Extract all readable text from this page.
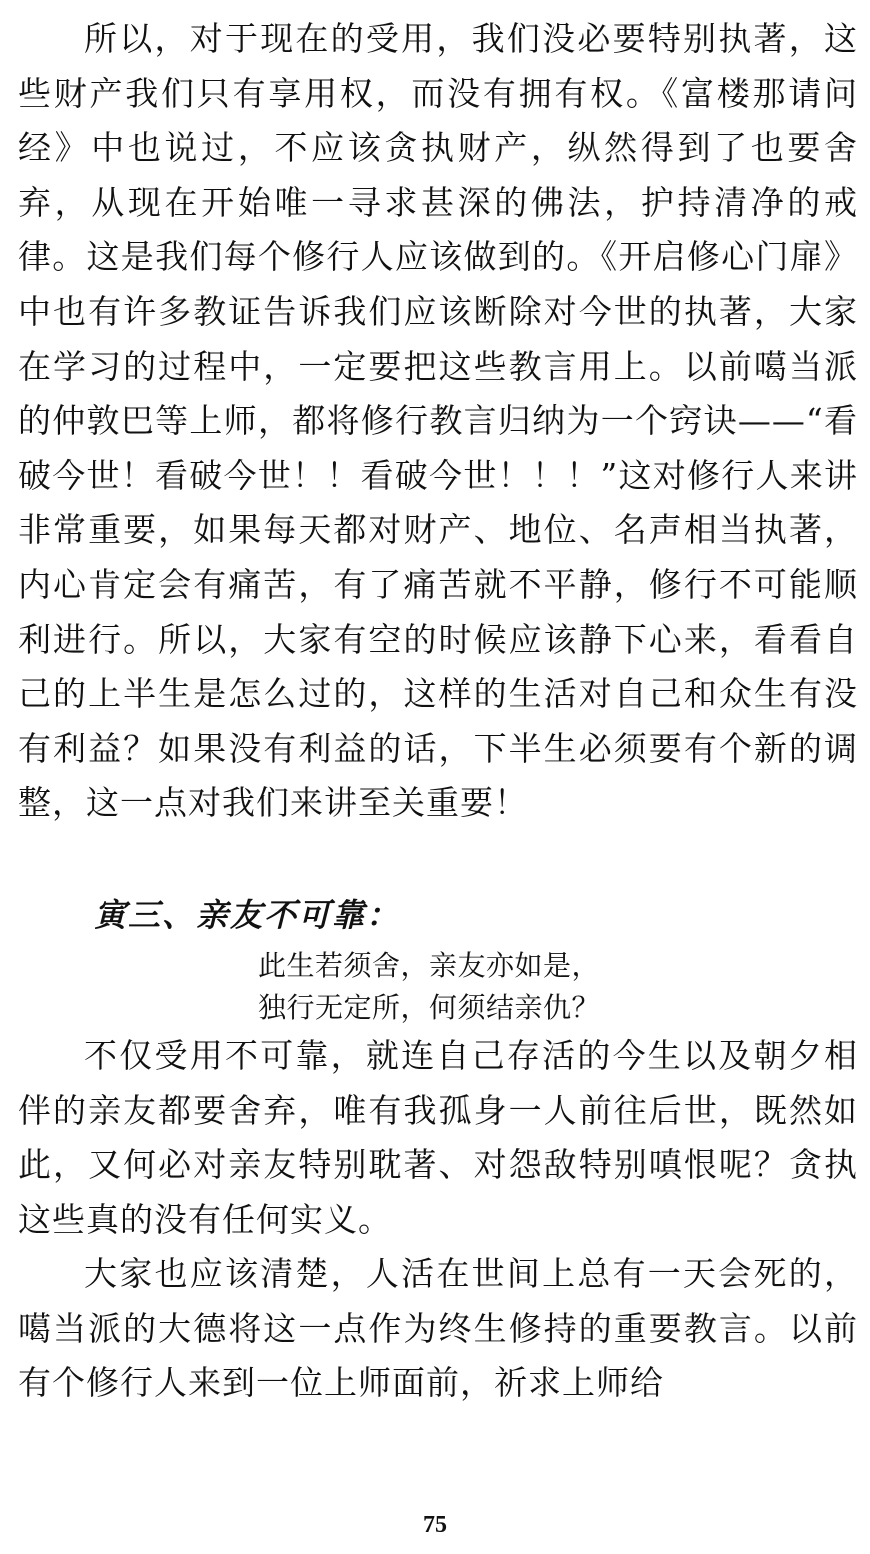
所以，对于现在的受用，我们没必要特别执著，这些财产我们只有享用权，而没有拥有权。《富楼那请问经》中也说过，不应该贪执财产，纵然得到了也要舍弃，从现在开始唯一寻求甚深的佛法，护持清净的戒律。这是我们每个修行人应该做到的。《开启修心门扉》中也有许多教证告诉我们应该断除对今世的执著，大家在学习的过程中，一定要把这些教言用上。以前噶当派的仲敦巴等上师，都将修行教言归纳为一个窍诀——“看破今世！看破今世！！看破今世！！！”这对修行人来讲非常重要，如果每天都对财产、地位、名声相当执著，内心肯定会有痛苦，有了痛苦就不平静，修行不可能顺利进行。所以，大家有空的时候应该静下心来，看看自己的上半生是怎么过的，这样的生活对自己和众生有没有利益？如果没有利益的话，下半生必须要有个新的调整，这一点对我们来讲至关重要！

寅三、亲友不可靠：

此生若须舍，亲友亦如是，
独行无定所，何须结亲仇？

不仅受用不可靠，就连自己存活的今生以及朝夕相伴的亲友都要舍弃，唯有我孤身一人前往后世，既然如此，又何必对亲友特别耽著、对怨敌特别嗔恨呢？贪执这些真的没有任何实义。

大家也应该清楚，人活在世间上总有一天会死的，噶当派的大德将这一点作为终生修持的重要教言。以前有个修行人来到一位上师面前，祈求上师给

75
